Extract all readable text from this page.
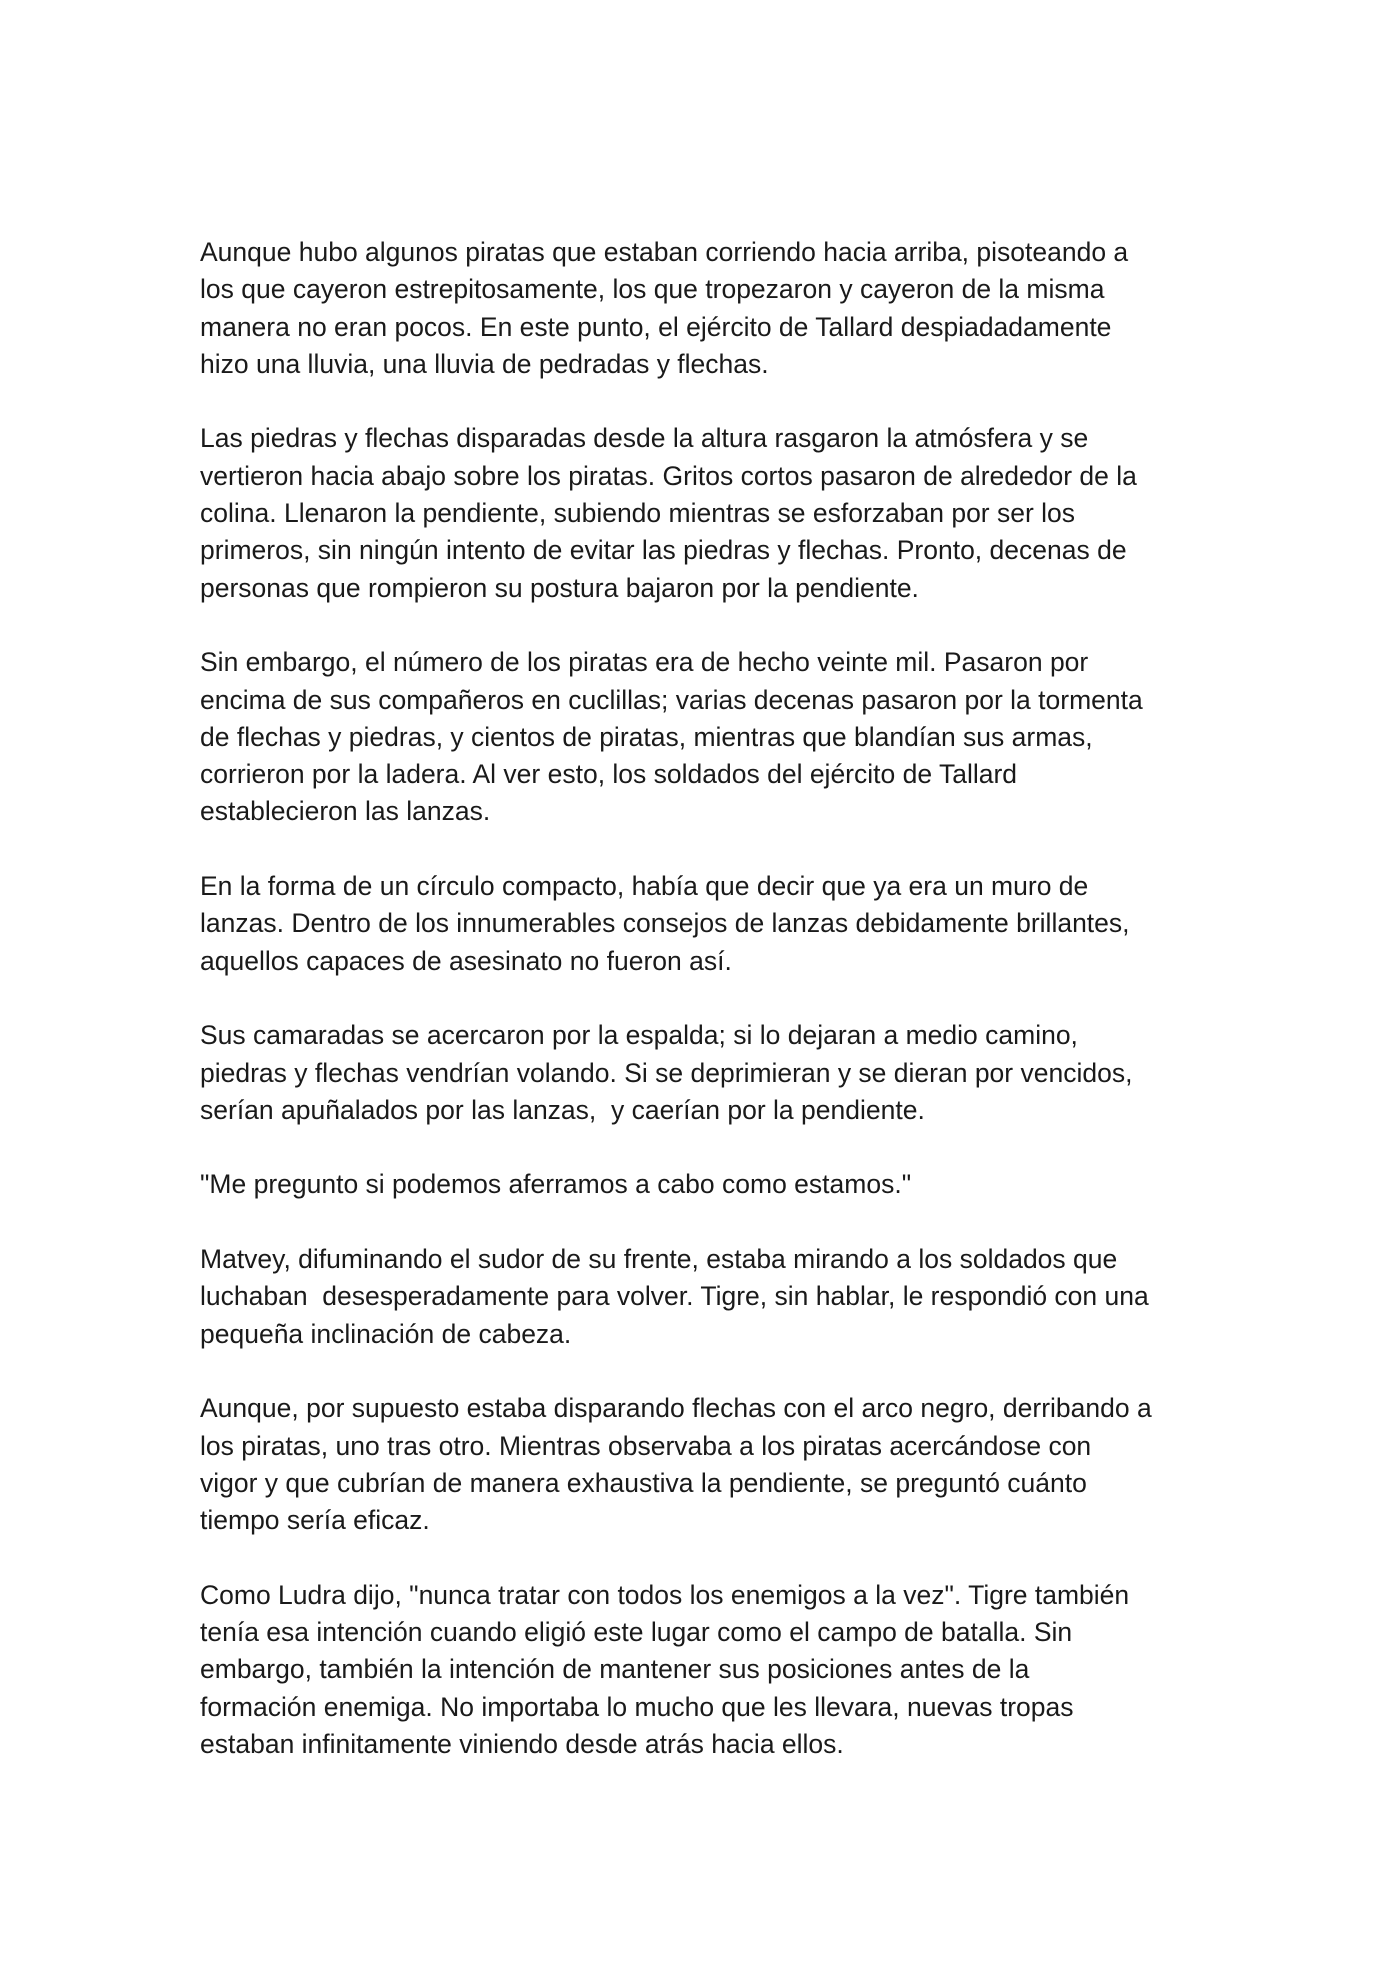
Aunque hubo algunos piratas que estaban corriendo hacia arriba, pisoteando a
los que cayeron estrepitosamente, los que tropezaron y cayeron de la misma
manera no eran pocos. En este punto, el ejército de Tallard despiadadamente
hizo una lluvia, una lluvia de pedradas y flechas.

Las piedras y flechas disparadas desde la altura rasgaron la atmósfera y se
vertieron hacia abajo sobre los piratas. Gritos cortos pasaron de alrededor de la
colina. Llenaron la pendiente, subiendo mientras se esforzaban por ser los
primeros, sin ningún intento de evitar las piedras y flechas. Pronto, decenas de
personas que rompieron su postura bajaron por la pendiente.

Sin embargo, el número de los piratas era de hecho veinte mil. Pasaron por
encima de sus compañeros en cuclillas; varias decenas pasaron por la tormenta
de flechas y piedras, y cientos de piratas, mientras que blandían sus armas,
corrieron por la ladera. Al ver esto, los soldados del ejército de Tallard
establecieron las lanzas.

En la forma de un círculo compacto, había que decir que ya era un muro de
lanzas. Dentro de los innumerables consejos de lanzas debidamente brillantes,
aquellos capaces de asesinato no fueron así.

Sus camaradas se acercaron por la espalda; si lo dejaran a medio camino,
piedras y flechas vendrían volando. Si se deprimieran y se dieran por vencidos,
serían apuñalados por las lanzas,  y caerían por la pendiente.

"Me pregunto si podemos aferramos a cabo como estamos."

Matvey, difuminando el sudor de su frente, estaba mirando a los soldados que
luchaban  desesperadamente para volver. Tigre, sin hablar, le respondió con una
pequeña inclinación de cabeza.

Aunque, por supuesto estaba disparando flechas con el arco negro, derribando a
los piratas, uno tras otro. Mientras observaba a los piratas acercándose con
vigor y que cubrían de manera exhaustiva la pendiente, se preguntó cuánto
tiempo sería eficaz.

Como Ludra dijo, "nunca tratar con todos los enemigos a la vez". Tigre también
tenía esa intención cuando eligió este lugar como el campo de batalla. Sin
embargo, también la intención de mantener sus posiciones antes de la
formación enemiga. No importaba lo mucho que les llevara, nuevas tropas
estaban infinitamente viniendo desde atrás hacia ellos.
